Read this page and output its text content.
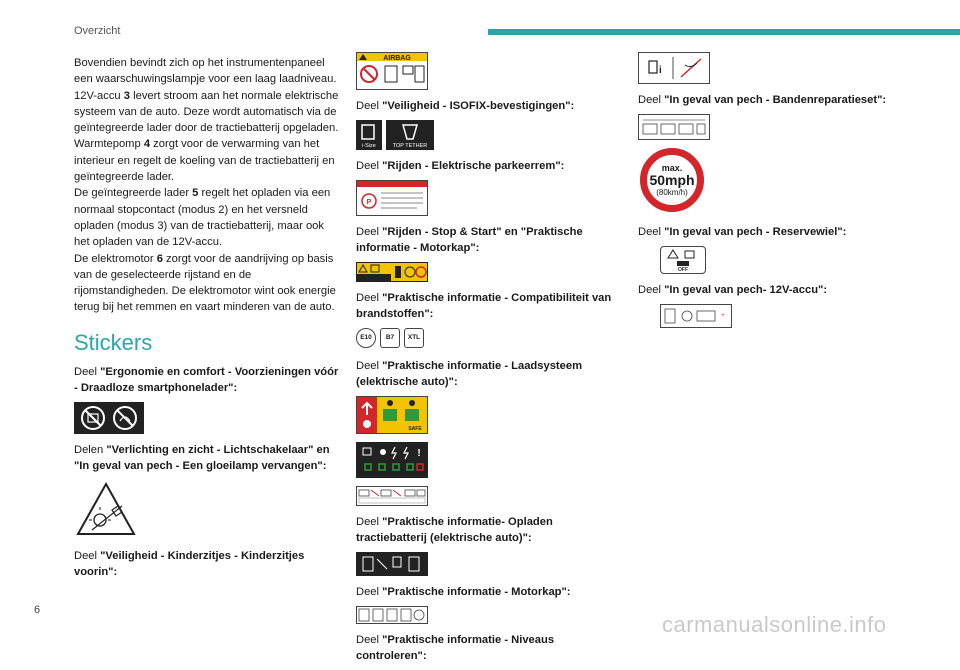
Overzicht

Bovendien bevindt zich op het instrumentenpaneel een waarschuwingslampje voor een laag laadniveau.

12V-accu 3 levert stroom aan het normale elektrische systeem van de auto. Deze wordt automatisch via de geïntegreerde lader door de tractiebatterij opgeladen.

Warmtepomp 4 zorgt voor de verwarming van het interieur en regelt de koeling van de tractiebatterij en geïntegreerde lader.

De geïntegreerde lader 5 regelt het opladen via een normaal stopcontact (modus 2) en het versneld opladen (modus 3) van de tractiebatterij, maar ook het opladen van de 12V-accu.

De elektromotor 6 zorgt voor de aandrijving op basis van de geselecteerde rijstand en de rijomstandigheden. De elektromotor wint ook energie terug bij het remmen en vaart minderen van de auto.

Stickers

Deel "Ergonomie en comfort - Voorzieningen vóór - Draadloze smartphonelader":

Delen "Verlichting en zicht - Lichtschakelaar" en "In geval van pech - Een gloeilamp vervangen":

Deel "Veiligheid - Kinderzitjes - Kinderzitjes voorin":

AIRBAG

Deel "Veiligheid - ISOFIX-bevestigingen":

i-Size	TOP TETHER

Deel "Rijden - Elektrische parkeerrem":

P

Deel "Rijden - Stop & Start" en "Praktische informatie - Motorkap":

Deel "Praktische informatie - Compatibiliteit van brandstoffen":

E10	B7	XTL

Deel "Praktische informatie - Laadsysteem (elektrische auto)":

SAFE
!

Deel "Praktische informatie- Opladen tractiebatterij (elektrische auto)":

Deel "Praktische informatie - Motorkap":

Deel "Praktische informatie - Niveaus controleren":

i

Deel "In geval van pech - Bandenreparatieset":

max.
50mph
(80km/h)

Deel "In geval van pech - Reservewiel":

OFF

Deel "In geval van pech- 12V-accu":

+
6
carmanualsonline.info
